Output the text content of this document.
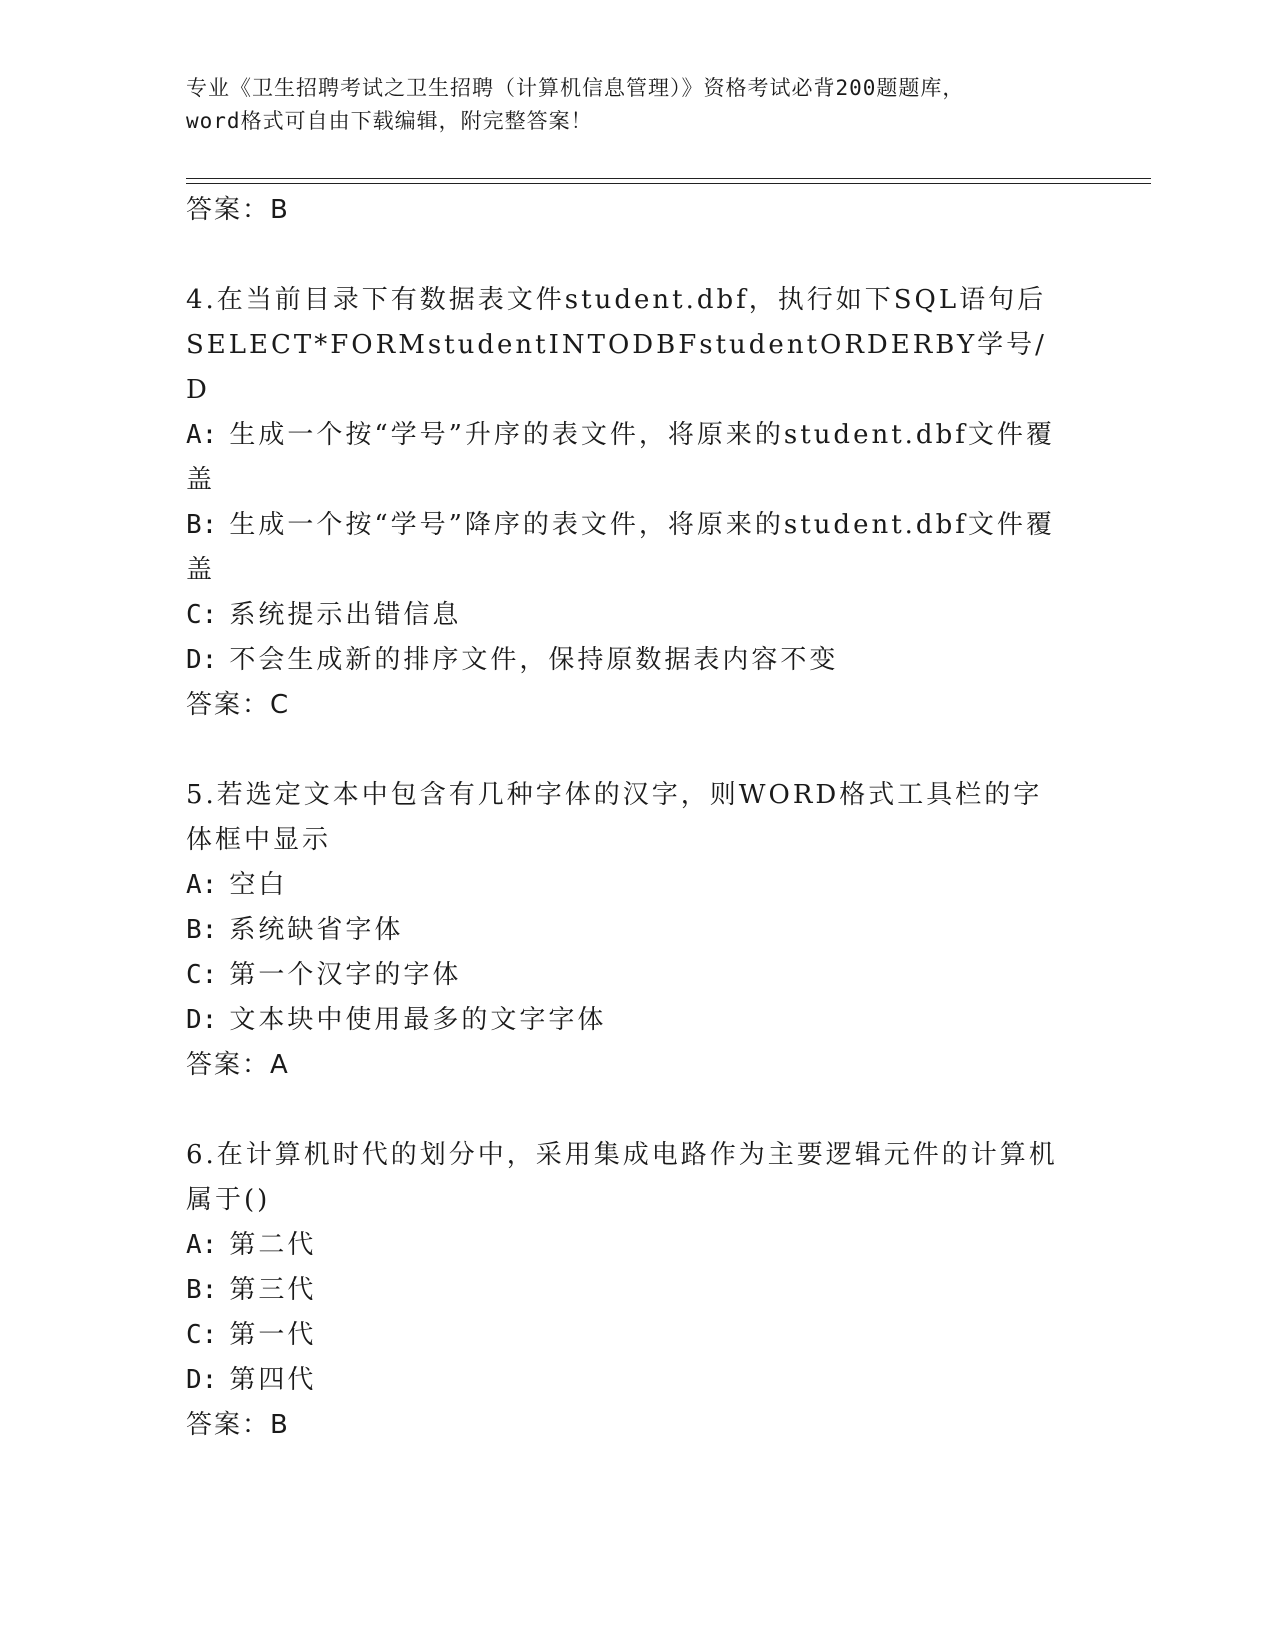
专业《卫生招聘考试之卫生招聘（计算机信息管理）》资格考试必背200题题库，
word格式可自由下载编辑，附完整答案！

答案：B

4.在当前目录下有数据表文件student.dbf，执行如下SQL语句后SELECT*FORMstudentINTODBFstudentORDERBY学号/D
A: 生成一个按“学号”升序的表文件，将原来的student.dbf文件覆盖
B: 生成一个按“学号”降序的表文件，将原来的student.dbf文件覆盖
C: 系统提示出错信息
D: 不会生成新的排序文件，保持原数据表内容不变

答案：C

5.若选定文本中包含有几种字体的汉字，则WORD格式工具栏的字体框中显示
A: 空白
B: 系统缺省字体
C: 第一个汉字的字体
D: 文本块中使用最多的文字字体

答案：A

6.在计算机时代的划分中，采用集成电路作为主要逻辑元件的计算机属于()
A: 第二代
B: 第三代
C: 第一代
D: 第四代

答案：B
